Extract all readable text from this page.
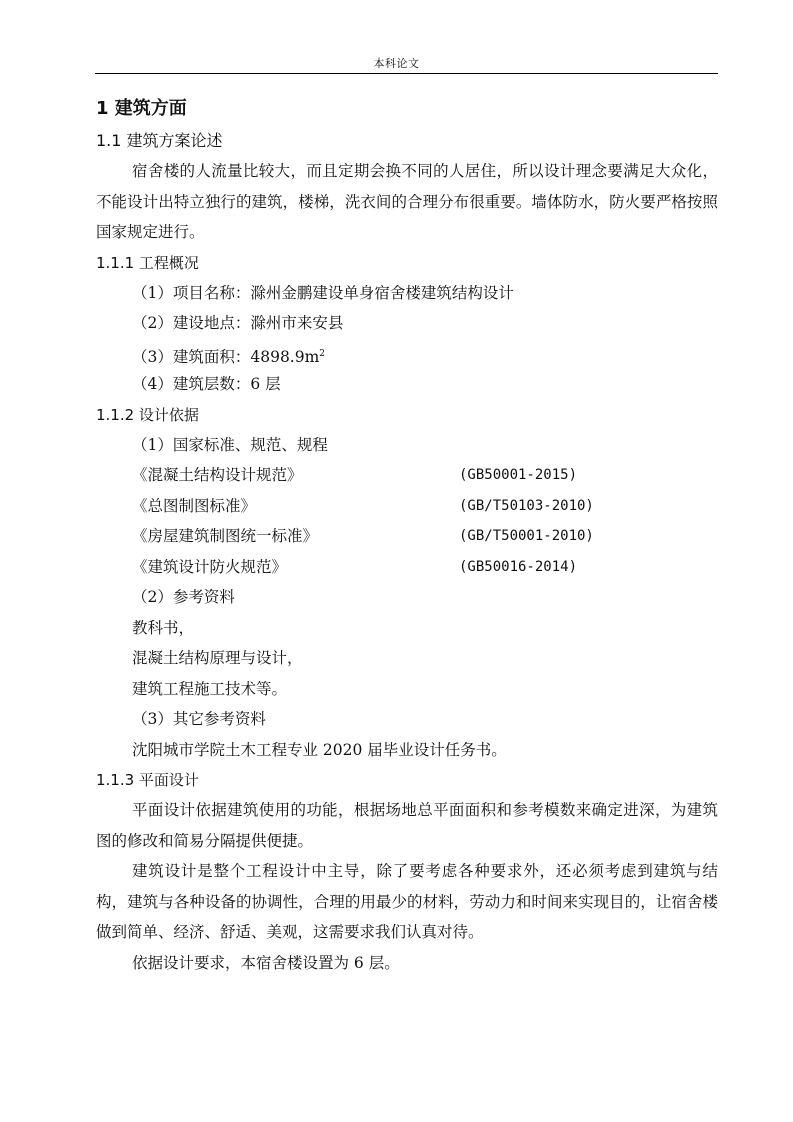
本科论文
1 建筑方面
1.1 建筑方案论述
宿舍楼的人流量比较大，而且定期会换不同的人居住，所以设计理念要满足大众化，不能设计出特立独行的建筑，楼梯，洗衣间的合理分布很重要。墙体防水，防火要严格按照国家规定进行。
1.1.1 工程概况
（1）项目名称：滁州金鹏建设单身宿舍楼建筑结构设计
（2）建设地点：滁州市来安县
（3）建筑面积：$4898.9m^2$
（4）建筑层数：6 层
1.1.2 设计依据
（1）国家标准、规范、规程
《混凝土结构设计规范》	(GB50001-2015)
《总图制图标准》	(GB/T50103-2010)
《房屋建筑制图统一标准》	(GB/T50001-2010)
《建筑设计防火规范》	(GB50016-2014)
（2）参考资料
教科书，
混凝土结构原理与设计，
建筑工程施工技术等。
（3）其它参考资料
沈阳城市学院土木工程专业 2020 届毕业设计任务书。
1.1.3 平面设计
平面设计依据建筑使用的功能，根据场地总平面面积和参考模数来确定进深，为建筑图的修改和简易分隔提供便捷。
建筑设计是整个工程设计中主导，除了要考虑各种要求外，还必须考虑到建筑与结构，建筑与各种设备的协调性，合理的用最少的材料，劳动力和时间来实现目的，让宿舍楼做到简单、经济、舒适、美观，这需要求我们认真对待。
依据设计要求，本宿舍楼设置为 6 层。
